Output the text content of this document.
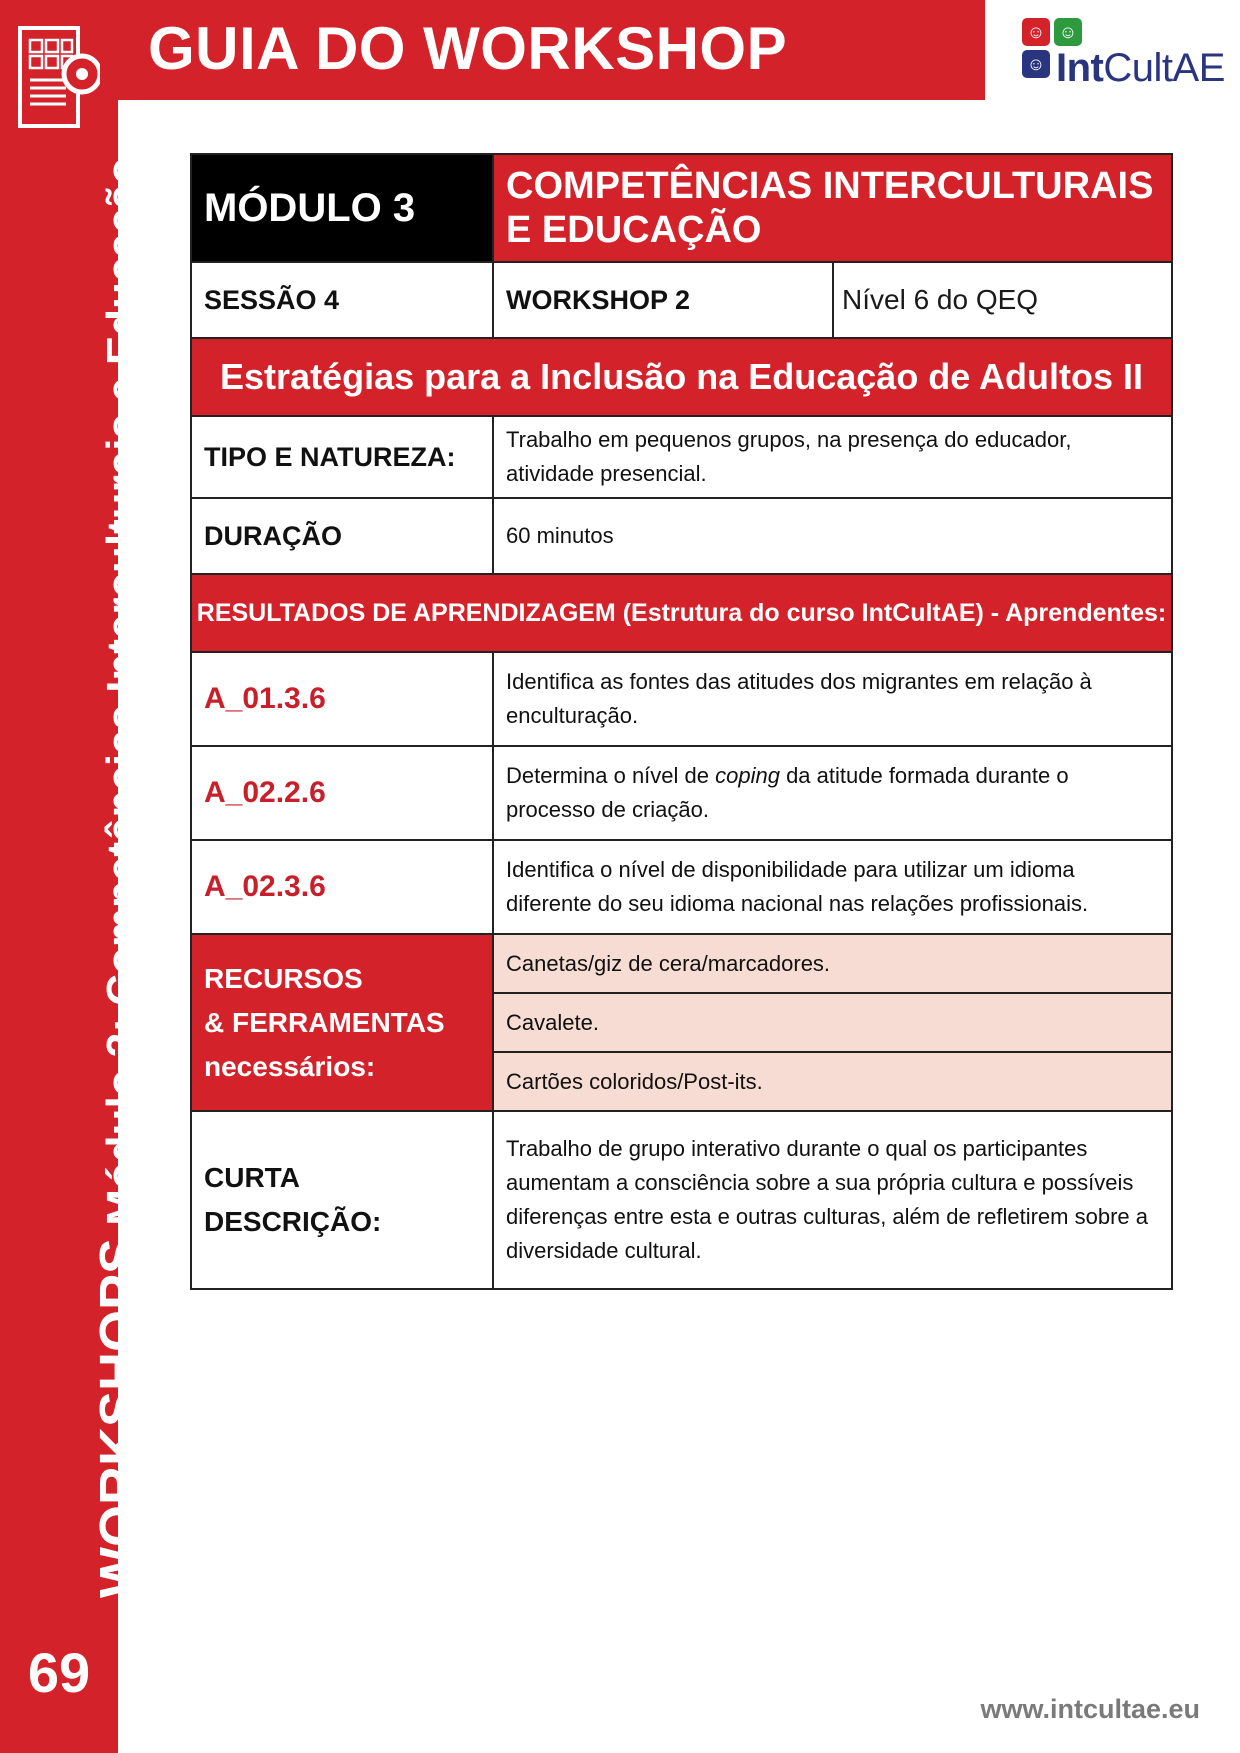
GUIA DO WORKSHOP	☺ ☺
☺ IntCultAE
WORKSHOPS Módulo 3: Competências Interculturais e Educação
69
MÓDULO 3	COMPETÊNCIAS INTERCULTURAIS
E EDUCAÇÃO	

SESSÃO 4	WORKSHOP 2	Nível 6 do QEQ
Estratégias para a Inclusão na Educação de Adultos II		
TIPO E NATUREZA:	Trabalho em pequenos grupos, na presença do educador, atividade presencial.	
DURAÇÃO	60 minutos	
RESULTADOS DE APRENDIZAGEM (Estrutura do curso IntCultAE) - Aprendentes:		
A_01.3.6	Identifica as fontes das atitudes dos migrantes em relação à enculturação.	
A_02.2.6	Determina o nível de coping da atitude formada durante o processo de criação.	
A_02.3.6	Identifica o nível de disponibilidade para utilizar um idioma diferente do seu idioma nacional nas relações profissionais.	

RECURSOS
& FERRAMENTAS
necessários:	Canetas/giz de cera/marcadores.	
	Cavalete.	
	Cartões coloridos/Post-its.	

CURTA
DESCRIÇÃO:	Trabalho de grupo interativo durante o qual os participantes aumentam a consciência sobre a sua própria cultura e possíveis diferenças entre esta e outras culturas, além de refletirem sobre a diversidade cultural.	
www.intcultae.eu
